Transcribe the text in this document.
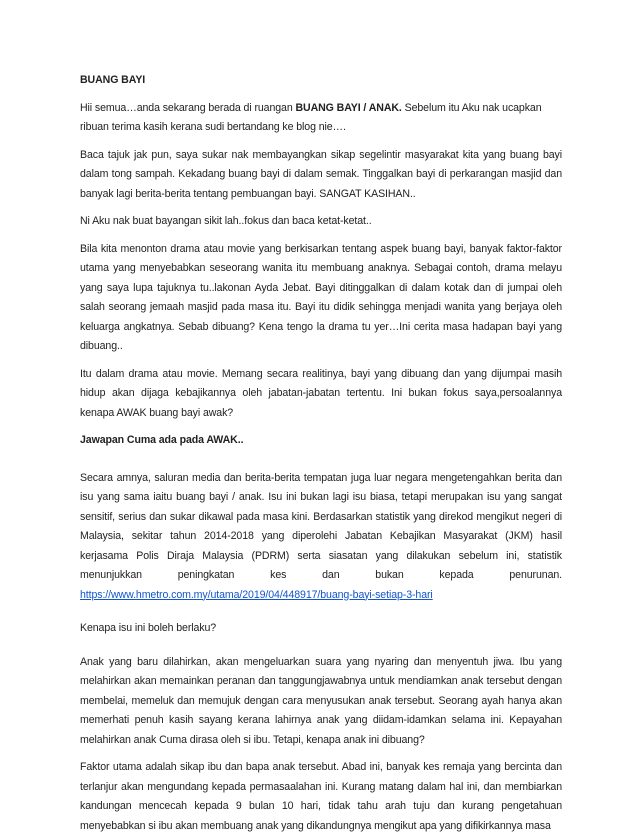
BUANG BAYI
Hii semua…anda sekarang berada di ruangan BUANG BAYI / ANAK. Sebelum itu Aku nak ucapkan ribuan terima kasih kerana sudi bertandang ke blog nie….
Baca tajuk jak pun, saya sukar nak membayangkan sikap segelintir masyarakat kita yang buang bayi dalam tong sampah. Kekadang buang bayi di dalam semak. Tinggalkan bayi di perkarangan masjid dan banyak lagi berita-berita tentang pembuangan bayi. SANGAT KASIHAN..
Ni Aku nak buat bayangan sikit lah..fokus dan baca ketat-ketat..
Bila kita menonton drama atau movie yang berkisarkan tentang aspek buang bayi, banyak faktor-faktor utama yang menyebabkan seseorang wanita itu membuang anaknya. Sebagai contoh, drama melayu yang saya lupa tajuknya tu..lakonan Ayda Jebat. Bayi ditinggalkan di dalam kotak dan di jumpai oleh salah seorang jemaah masjid pada masa itu. Bayi itu didik sehingga menjadi wanita yang berjaya oleh keluarga angkatnya. Sebab dibuang? Kena tengo la drama tu yer…Ini cerita masa hadapan bayi yang dibuang..
Itu dalam drama atau movie. Memang secara realitinya, bayi yang dibuang dan yang dijumpai masih hidup akan dijaga kebajikannya oleh jabatan-jabatan tertentu. Ini bukan fokus saya,persoalannya kenapa AWAK buang bayi awak?
Jawapan Cuma ada pada AWAK..
Secara amnya, saluran media dan berita-berita tempatan juga luar negara mengetengahkan berita dan isu yang sama iaitu buang bayi / anak. Isu ini bukan lagi isu biasa, tetapi merupakan isu yang sangat sensitif, serius dan sukar dikawal pada masa kini. Berdasarkan statistik yang direkod mengikut negeri di Malaysia, sekitar tahun 2014-2018 yang diperolehi Jabatan Kebajikan Masyarakat (JKM) hasil kerjasama Polis Diraja Malaysia (PDRM) serta siasatan yang dilakukan sebelum ini, statistik menunjukkan peningkatan kes dan bukan kepada penurunan. https://www.hmetro.com.my/utama/2019/04/448917/buang-bayi-setiap-3-hari
Kenapa isu ini boleh berlaku?
Anak yang baru dilahirkan, akan mengeluarkan suara yang nyaring dan menyentuh jiwa. Ibu yang melahirkan akan memainkan peranan dan tanggungjawabnya untuk mendiamkan anak tersebut dengan membelai, memeluk dan memujuk dengan cara menyusukan anak tersebut. Seorang ayah hanya akan memerhati penuh kasih sayang kerana lahirnya anak yang diidam-idamkan selama ini. Kepayahan melahirkan anak Cuma dirasa oleh si ibu. Tetapi, kenapa anak ini dibuang?
Faktor utama adalah sikap ibu dan bapa anak tersebut. Abad ini, banyak kes remaja yang bercinta dan terlanjur akan mengundang kepada permasaalahan ini. Kurang matang dalam hal ini, dan membiarkan kandungan mencecah kepada 9 bulan 10 hari, tidak tahu arah tuju dan kurang pengetahuan menyebabkan si ibu akan membuang anak yang dikandungnya mengikut apa yang difikirkannya masa
